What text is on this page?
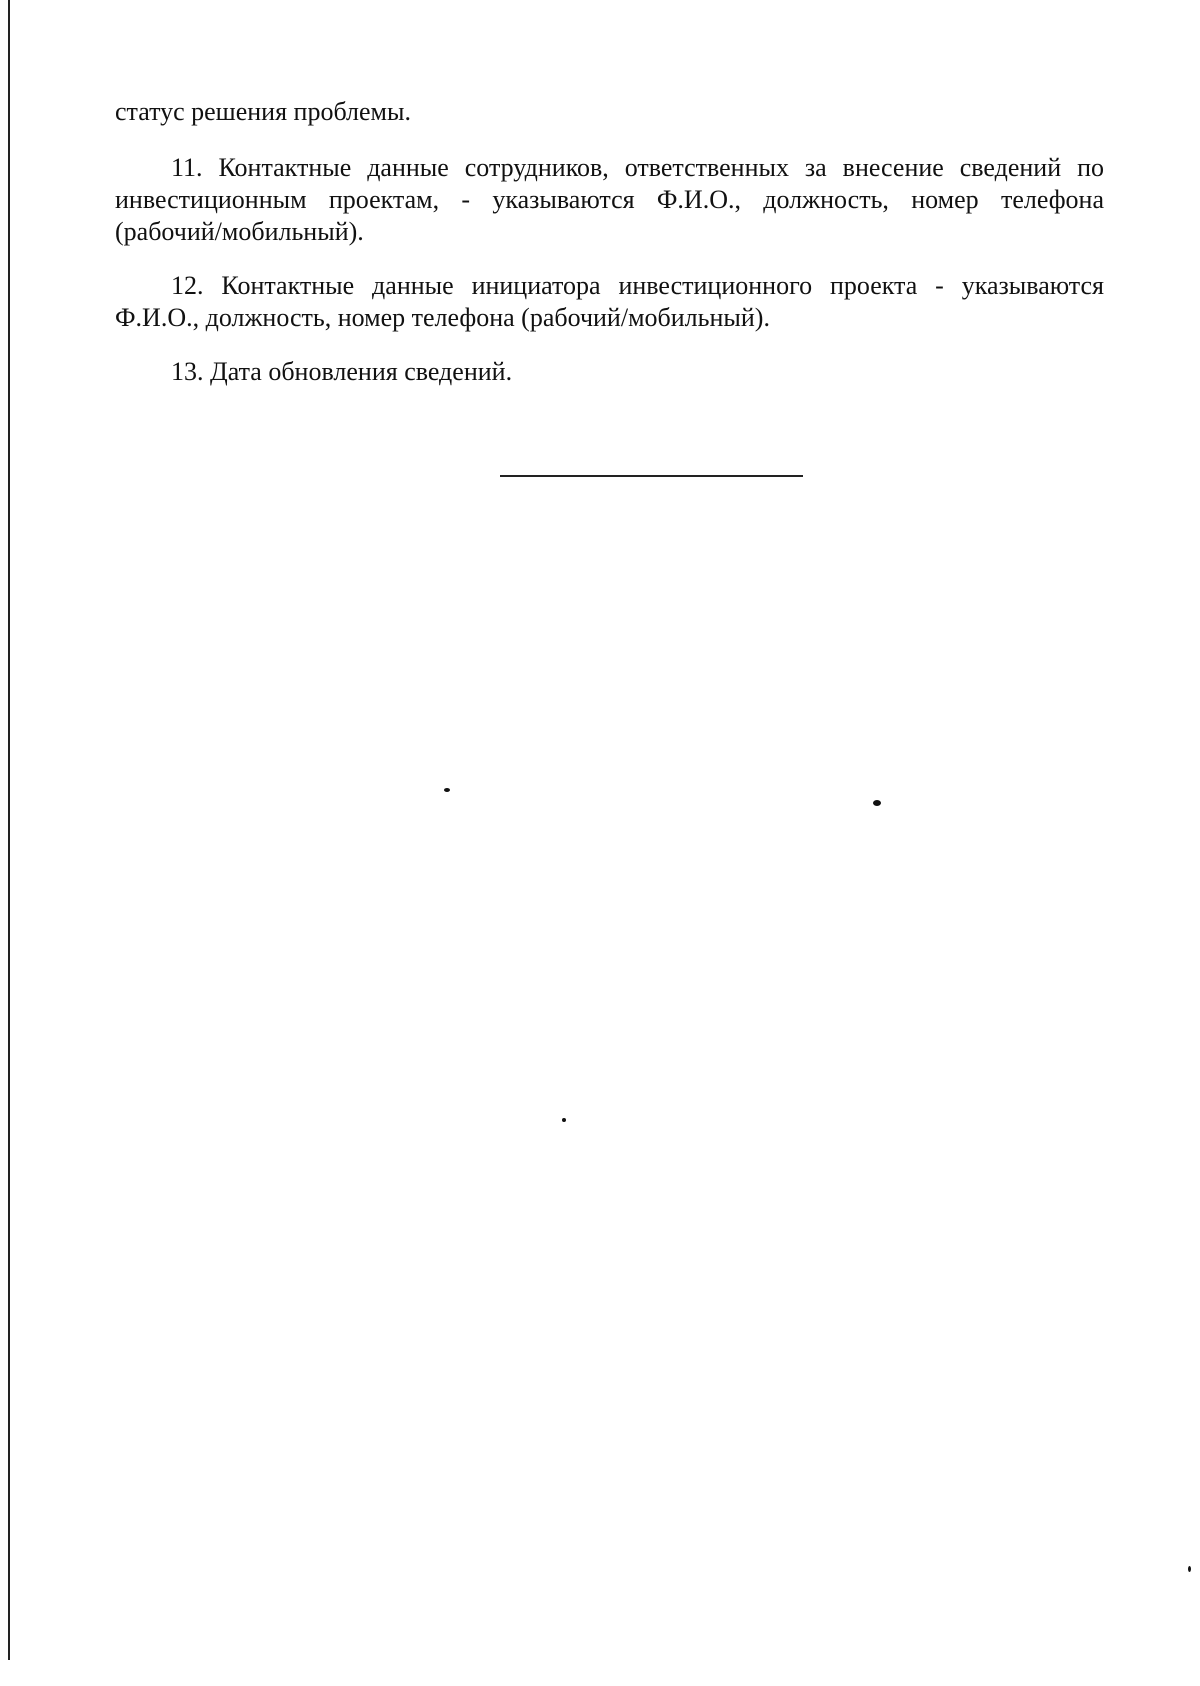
статус решения проблемы.

11. Контактные данные сотрудников, ответственных за внесение сведений по инвестиционным проектам, - указываются Ф.И.О., должность, номер телефона (рабочий/мобильный).

12. Контактные данные инициатора инвестиционного проекта - указываются Ф.И.О., должность, номер телефона (рабочий/мобильный).

13. Дата обновления сведений.
